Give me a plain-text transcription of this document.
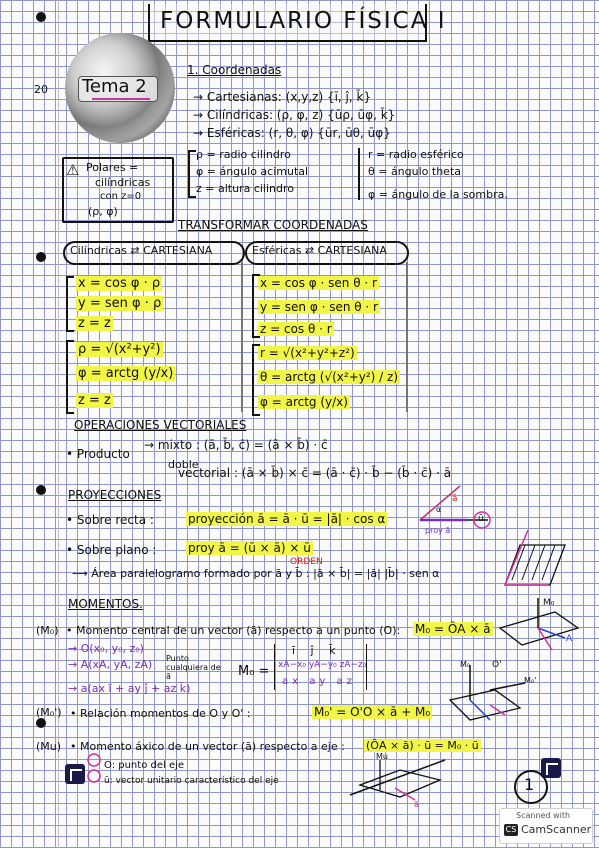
20
FORMULARIO FÍSICA I
Tema 2
1. Coordenadas
→ Cartesianas: (x,y,z) {ī, ĵ, k̄}
→ Cilíndricas: (ρ, φ, z) {ūρ, ūφ, k̄}
→ Esféricas: (r, θ, φ) {ūr, ūθ, ūφ}
⚠ Polares =
cilíndricas
con z=0
(ρ, φ)
ρ = radio cilindro
φ = ángulo acimutal
z = altura cilindro
r = radio esférico
θ = ángulo theta
φ = ángulo de la sombra.
TRANSFORMAR COORDENADAS
Cilíndricas ⇄ CARTESIANA	Esféricas ⇄ CARTESIANA
x = cos φ · ρ
y = sen φ · ρ
z = z
ρ = √(x²+y²)
φ = arctg (y/x)
z = z
x = cos φ · sen θ · r
y = sen φ · sen θ · r
z = cos θ · r
r = √(x²+y²+z²)
θ = arctg (√(x²+y²) / z)
φ = arctg (y/x)
OPERACIONES VECTORIALES
• Producto
→ mixto : (ā, b̄, c̄) = (ā × b̄) · c̄
doble
vectorial : (ā × b̄) × c̄ = (ā · c̄) · b̄ − (b̄ · c̄) · ā
PROYECCIONES
• Sobre recta :	proyección ā = ā · ū = |ā| · cos α
• Sobre plano :	proy ā = (ū × ā) × ū
ORDEN
⟶ Área paralelogramo formado por ā y b̄ : |ā × b̄| = |ā| |b̄| · sen α
MOMENTOS.
(M₀) • Momento central de un vector (ā) respecto a un punto (O): M₀ = ŌA × ā
→ O(x₀, y₀, z₀)
→ A(xA, yA, zA) Punto cualquiera de ā
→ a(ax ī + ay ĵ + az k̄)
M₀ =
ī ĵ k̄
xA−x₀ yA−y₀ zA−z₀
ax ay az
(M₀') • Relación momentos de O y O' :	M₀' = O'O × ā + M₀
(Mu) • Momento áxico de un vector (ā) respecto a eje : (ŌA × ā) · ū = M₀ · ū
O: punto del eje
ū: vector unitario característico del eje	1
ā
α
proy ā
ū
M₀
A
M₀ O'
M₀'
Mu
ā
Scanned with
CS CamScanner
